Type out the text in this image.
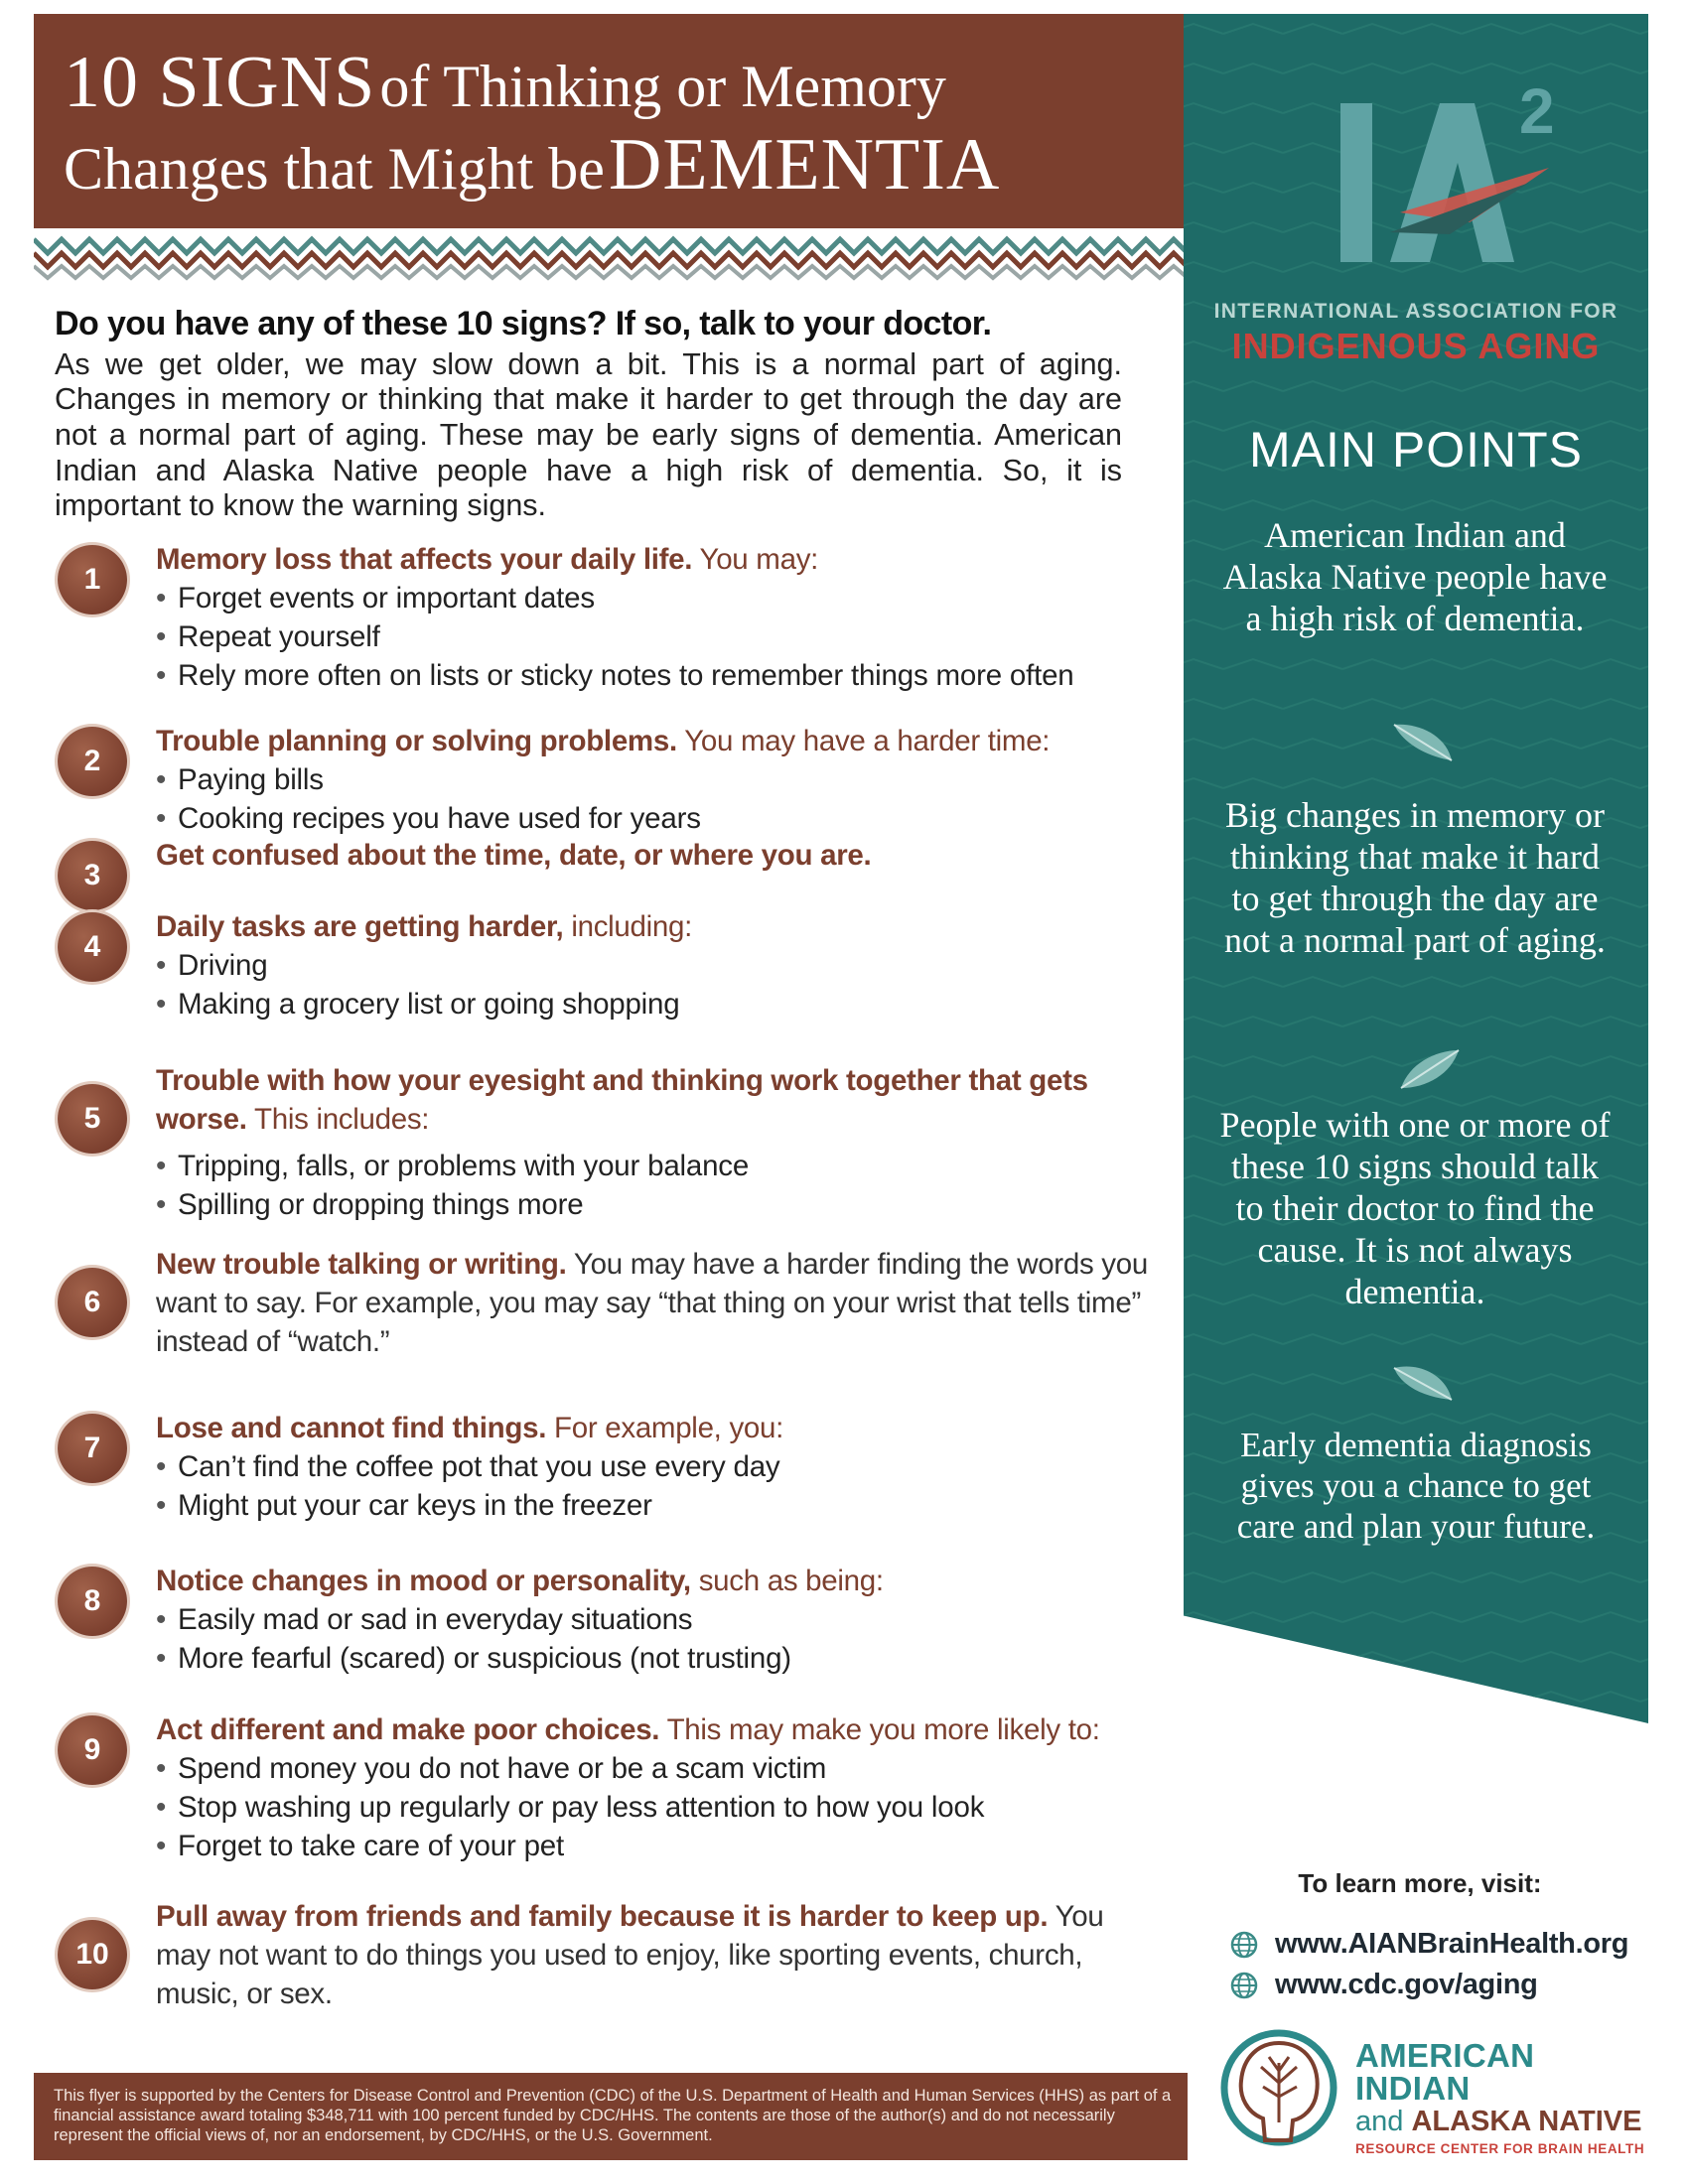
10 SIGNS of Thinking or Memory
Changes that Might be DEMENTIA
Do you have any of these 10 signs? If so, talk to your doctor.
As we get older, we may slow down a bit. This is a normal part of aging. Changes in memory or thinking that make it harder to get through the day are not a normal part of aging. These may be early signs of dementia. American Indian and Alaska Native people have a high risk of dementia. So, it is important to know the warning signs.
1
Memory loss that affects your daily life. You may:
• Forget events or important dates
• Repeat yourself
• Rely more often on lists or sticky notes to remember things more often
2
Trouble planning or solving problems. You may have a harder time:
• Paying bills
• Cooking recipes you have used for years
3
Get confused about the time, date, or where you are.
4
Daily tasks are getting harder, including:
• Driving
• Making a grocery list or going shopping
5
Trouble with how your eyesight and thinking work together that gets worse. This includes:
• Tripping, falls, or problems with your balance
• Spilling or dropping things more
6
New trouble talking or writing. You may have a harder finding the words you want to say. For example, you may say “that thing on your wrist that tells time” instead of “watch.”
7
Lose and cannot find things. For example, you:
• Can’t find the coffee pot that you use every day
• Might put your car keys in the freezer
8
Notice changes in mood or personality, such as being:
• Easily mad or sad in everyday situations
• More fearful (scared) or suspicious (not trusting)
9
Act different and make poor choices. This may make you more likely to:
• Spend money you do not have or be a scam victim
• Stop washing up regularly or pay less attention to how you look
• Forget to take care of your pet
10
Pull away from friends and family because it is harder to keep up. You may not want to do things you used to enjoy, like sporting events, church, music, or sex.
This flyer is supported by the Centers for Disease Control and Prevention (CDC) of the U.S. Department of Health and Human Services (HHS) as part of a financial assistance award totaling $348,711 with 100 percent funded by CDC/HHS. The contents are those of the author(s) and do not necessarily represent the official views of, nor an endorsement, by CDC/HHS, or the U.S. Government.
2
INTERNATIONAL ASSOCIATION FOR
INDIGENOUS AGING
MAIN POINTS
American Indian and Alaska Native people have a high risk of dementia.
Big changes in memory or thinking that make it hard to get through the day are not a normal part of aging.
People with one or more of these 10 signs should talk to their doctor to find the cause. It is not always dementia.
Early dementia diagnosis gives you a chance to get care and plan your future.
To learn more, visit:
www.AIANBrainHealth.org
www.cdc.gov/aging
AMERICAN INDIAN
and ALASKA NATIVE
RESOURCE CENTER FOR BRAIN HEALTH
